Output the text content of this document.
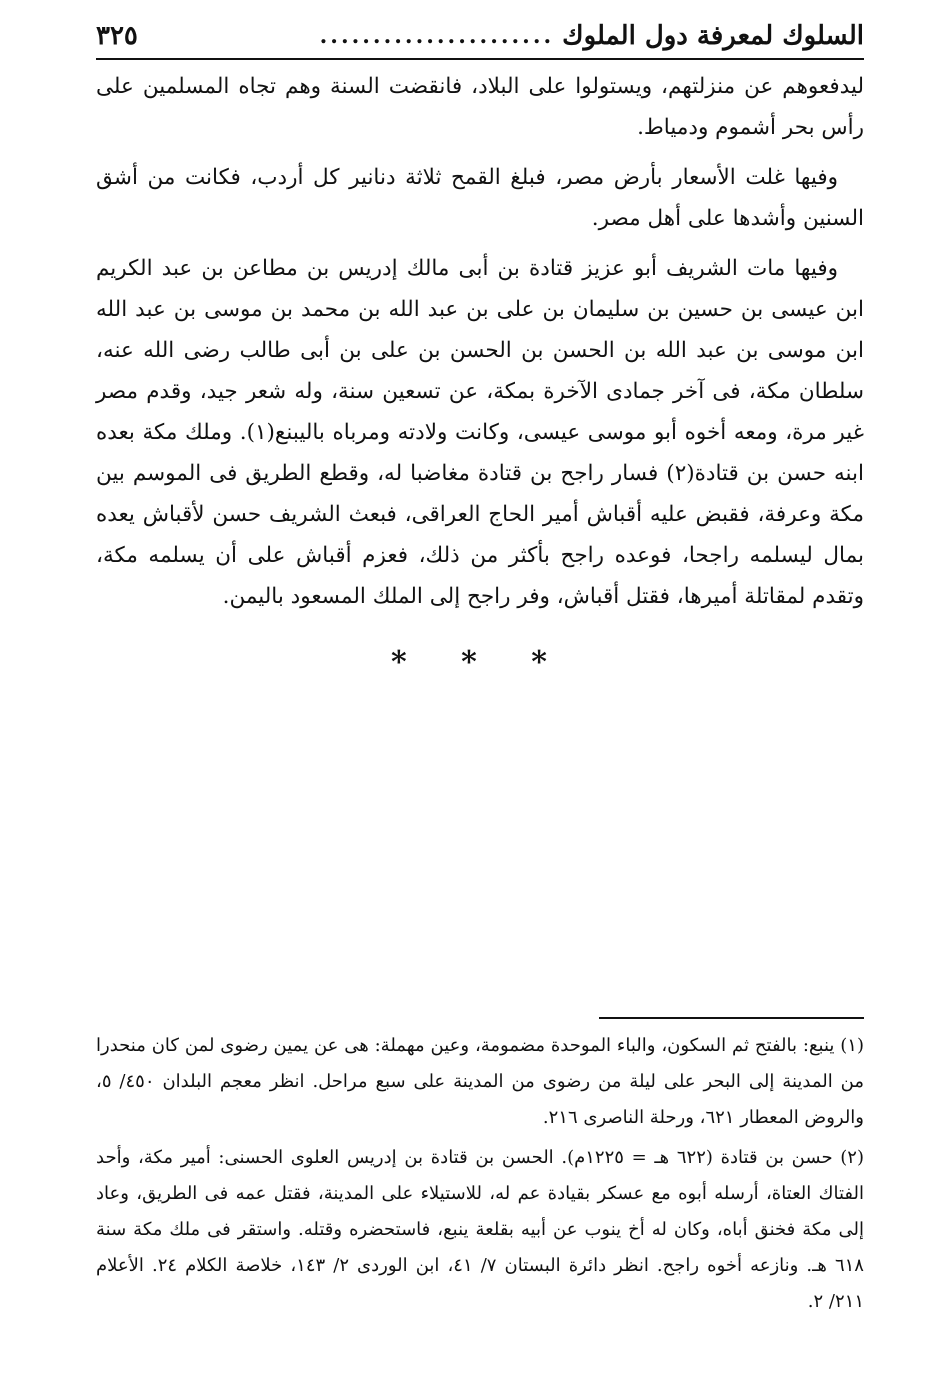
السلوك لمعرفة دول الملوك
......................
٣٢٥

ليدفعوهم عن منزلتهم، ويستولوا على البلاد، فانقضت السنة وهم تجاه المسلمين على رأس بحر أشموم ودمياط.

وفيها غلت الأسعار بأرض مصر، فبلغ القمح ثلاثة دنانير كل أردب، فكانت من أشق السنين وأشدها على أهل مصر.

وفيها مات الشريف أبو عزيز قتادة بن أبى مالك إدريس بن مطاعن بن عبد الكريم ابن عيسى بن حسين بن سليمان بن على بن عبد الله بن محمد بن موسى بن عبد الله ابن موسى بن عبد الله بن الحسن بن الحسن بن على بن أبى طالب رضى الله عنه، سلطان مكة، فى آخر جمادى الآخرة بمكة، عن تسعين سنة، وله شعر جيد، وقدم مصر غير مرة، ومعه أخوه أبو موسى عيسى، وكانت ولادته ومرباه باليبنع(١). وملك مكة بعده ابنه حسن بن قتادة(٢) فسار راجح بن قتادة مغاضبا له، وقطع الطريق فى الموسم بين مكة وعرفة، فقبض عليه أقباش أمير الحاج العراقى، فبعث الشريف حسن لأقباش يعده بمال ليسلمه راجحا، فوعده راجح بأكثر من ذلك، فعزم أقباش على أن يسلمه مكة، وتقدم لمقاتلة أميرها، فقتل أقباش، وفر راجح إلى الملك المسعود باليمن.

* * *

(١) ينبع: بالفتح ثم السكون، والباء الموحدة مضمومة، وعين مهملة: هى عن يمين رضوى لمن كان منحدرا من المدينة إلى البحر على ليلة من رضوى من المدينة على سبع مراحل. انظر معجم البلدان ٤٥٠/ ٥، والروض المعطار ٦٢١، ورحلة الناصرى ٢١٦.

(٢) حسن بن قتادة (٦٢٢ هـ = ١٢٢٥م). الحسن بن قتادة بن إدريس العلوى الحسنى: أمير مكة، وأحد الفتاك العتاة، أرسله أبوه مع عسكر بقيادة عم له، للاستيلاء على المدينة، فقتل عمه فى الطريق، وعاد إلى مكة فخنق أباه، وكان له أخ ينوب عن أبيه بقلعة ينبع، فاستحضره وقتله. واستقر فى ملك مكة سنة ٦١٨ هـ. ونازعه أخوه راجح. انظر دائرة البستان ٧/ ٤١، ابن الوردى ٢/ ١٤٣، خلاصة الكلام ٢٤. الأعلام ٢١١/ ٢.
